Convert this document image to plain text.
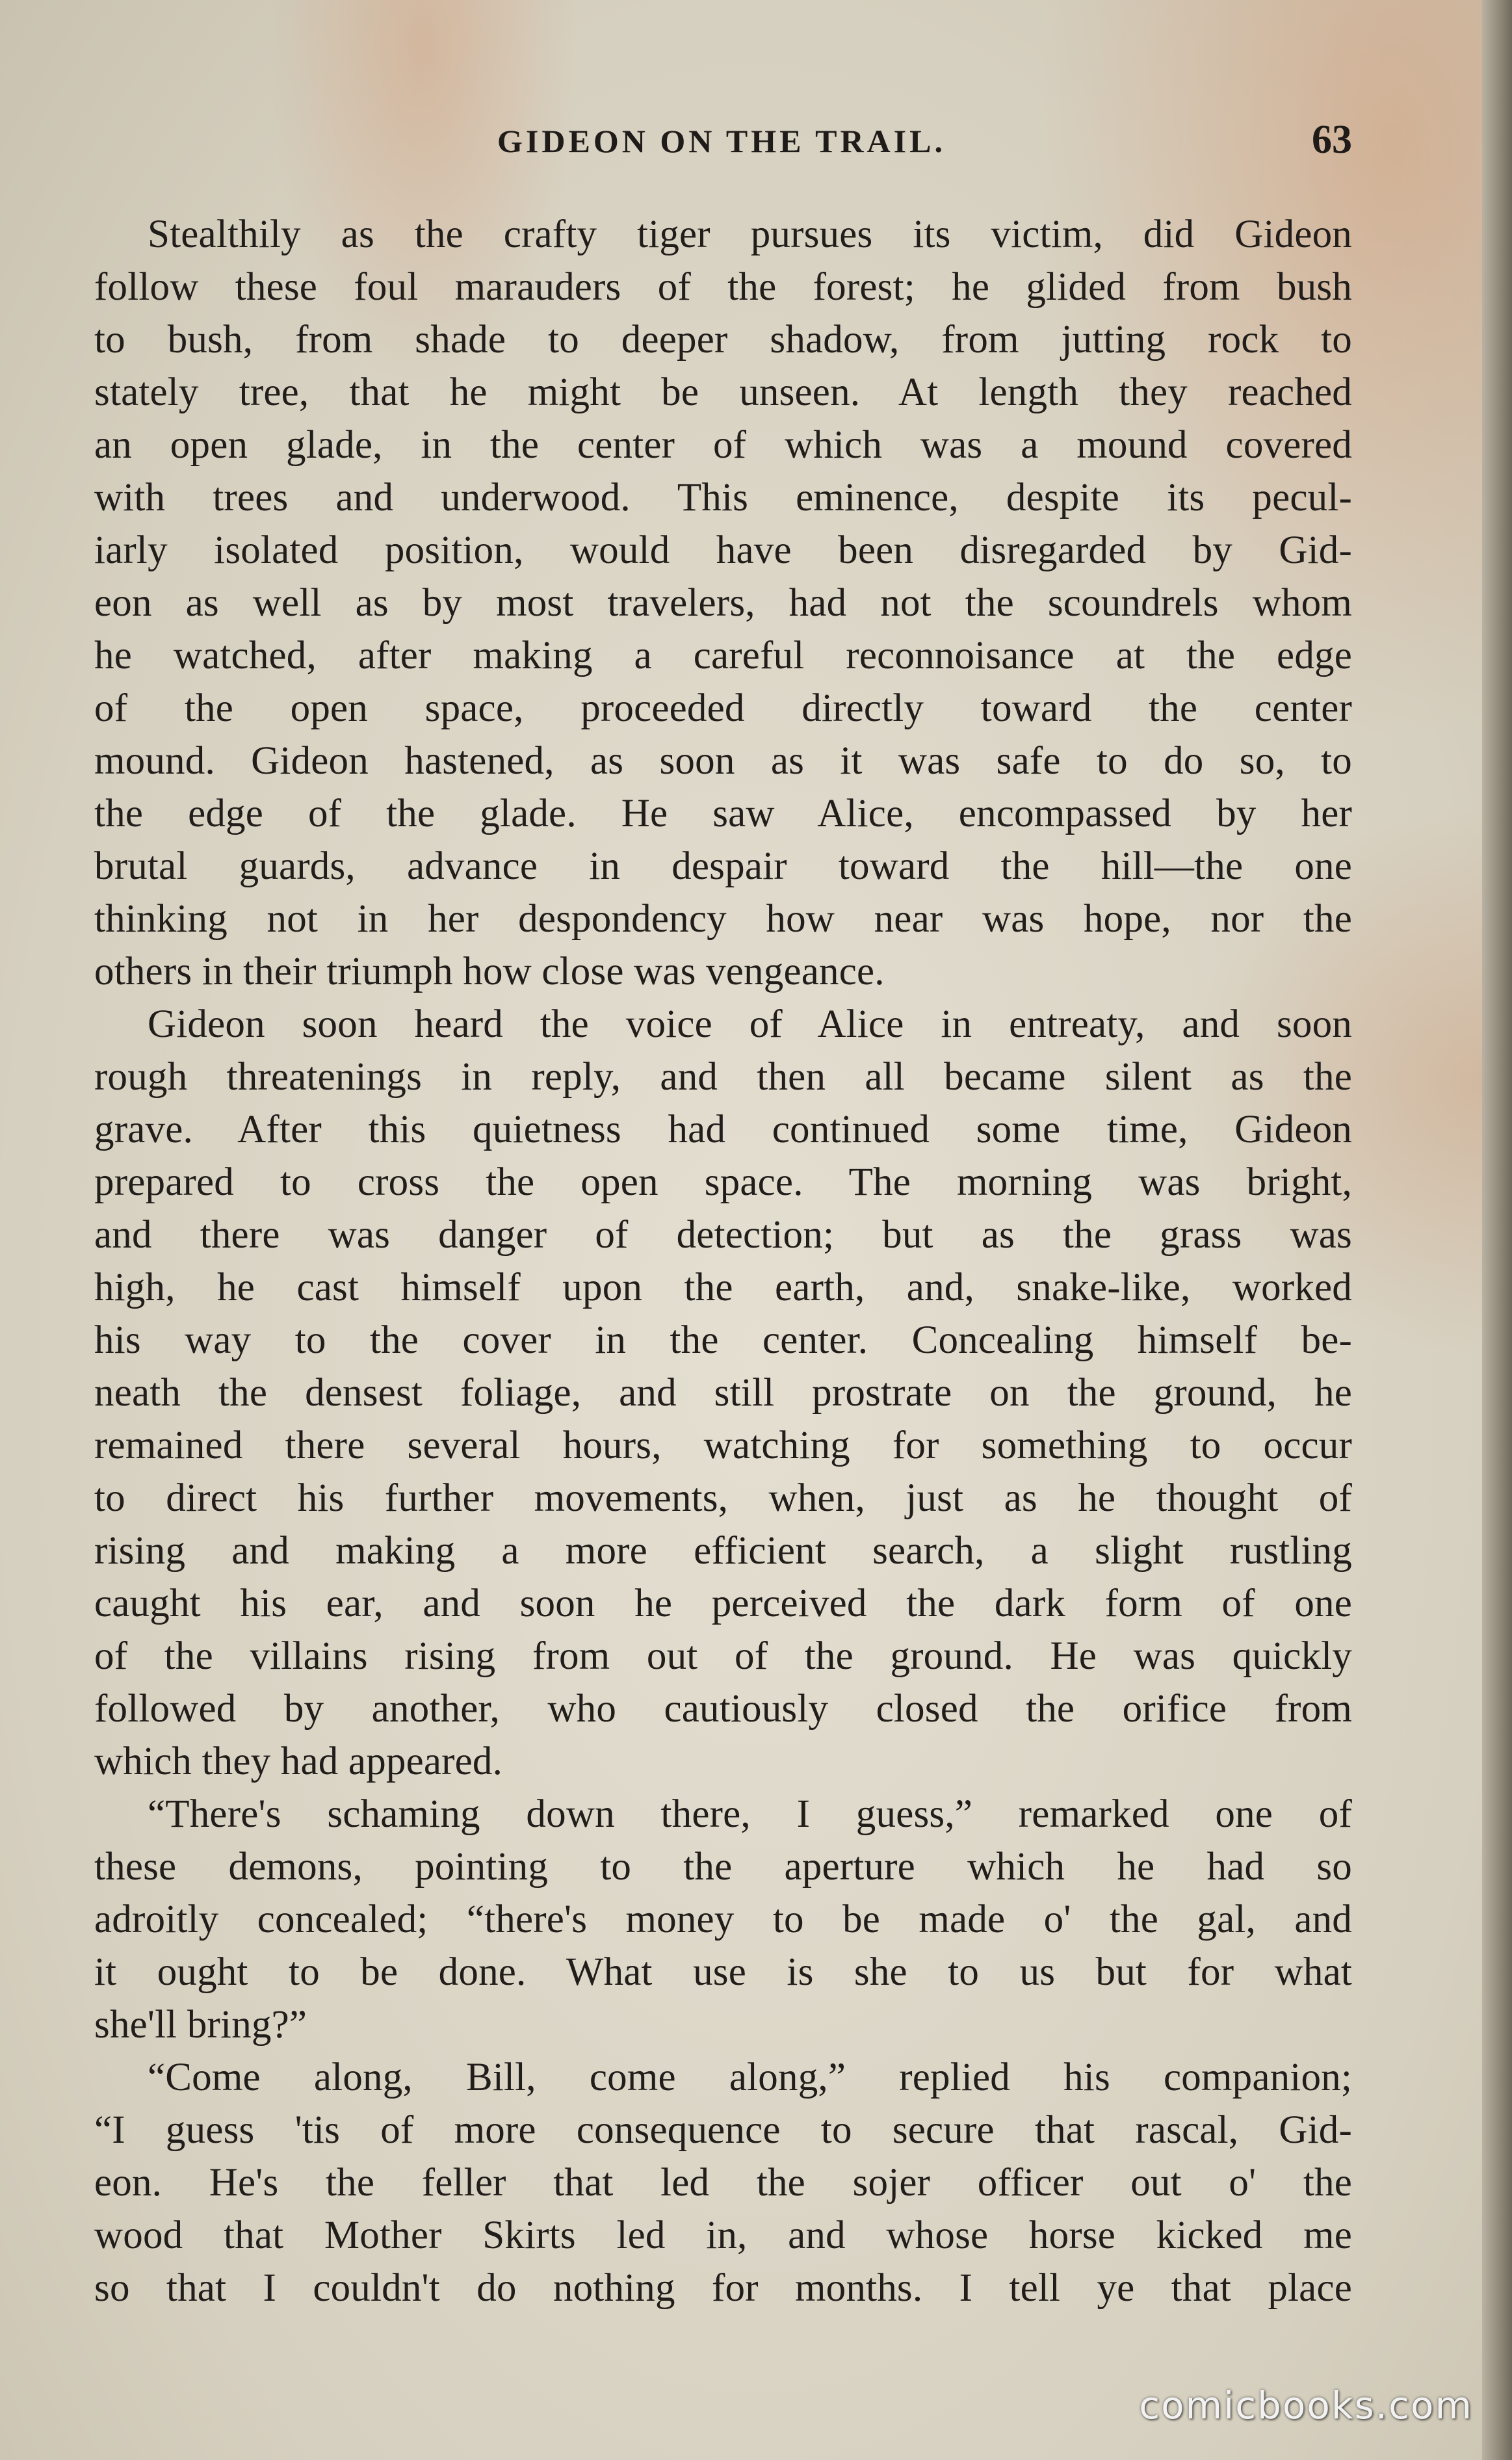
GIDEON ON THE TRAIL.	63
Stealthily as the crafty tiger pursues its victim, did Gideon
follow these foul marauders of the forest; he glided from bush
to bush, from shade to deeper shadow, from jutting rock to
stately tree, that he might be unseen. At length they reached
an open glade, in the center of which was a mound covered
with trees and underwood. This eminence, despite its pecul-
iarly isolated position, would have been disregarded by Gid-
eon as well as by most travelers, had not the scoundrels whom
he watched, after making a careful reconnoisance at the edge
of the open space, proceeded directly toward the center
mound. Gideon hastened, as soon as it was safe to do so, to
the edge of the glade. He saw Alice, encompassed by her
brutal guards, advance in despair toward the hill—the one
thinking not in her despondency how near was hope, nor the
others in their triumph how close was vengeance.
Gideon soon heard the voice of Alice in entreaty, and soon
rough threatenings in reply, and then all became silent as the
grave. After this quietness had continued some time, Gideon
prepared to cross the open space. The morning was bright,
and there was danger of detection; but as the grass was
high, he cast himself upon the earth, and, snake-like, worked
his way to the cover in the center. Concealing himself be-
neath the densest foliage, and still prostrate on the ground, he
remained there several hours, watching for something to occur
to direct his further movements, when, just as he thought of
rising and making a more efficient search, a slight rustling
caught his ear, and soon he perceived the dark form of one
of the villains rising from out of the ground. He was quickly
followed by another, who cautiously closed the orifice from
which they had appeared.
“There's schaming down there, I guess,” remarked one of
these demons, pointing to the aperture which he had so
adroitly concealed; “there's money to be made o' the gal, and
it ought to be done. What use is she to us but for what
she'll bring?”
“Come along, Bill, come along,” replied his companion;
“I guess 'tis of more consequence to secure that rascal, Gid-
eon. He's the feller that led the sojer officer out o' the
wood that Mother Skirts led in, and whose horse kicked me
so that I couldn't do nothing for months. I tell ye that place
comicbooks.com
